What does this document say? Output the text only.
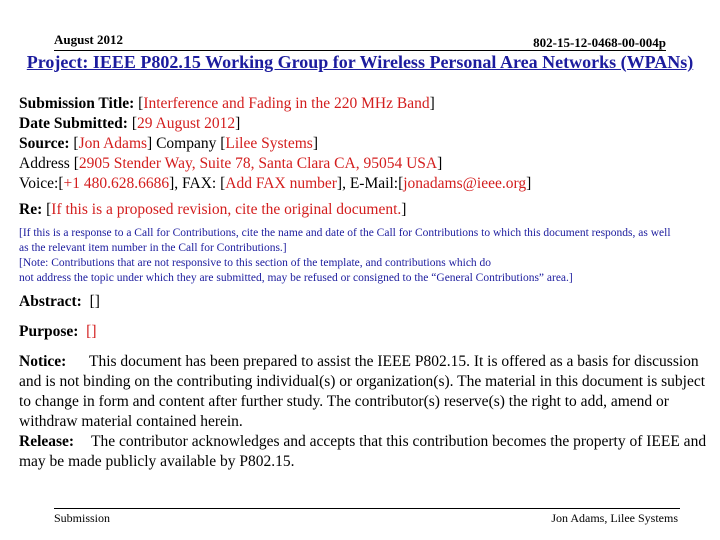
August 2012	802-15-12-0468-00-004p
Project: IEEE P802.15 Working Group for Wireless Personal Area Networks (WPANs)
Submission Title: [Interference and Fading in the 220 MHz Band]
Date Submitted: [29 August 2012]
Source: [Jon Adams] Company [Lilee Systems]
Address [2905 Stender Way, Suite 78, Santa Clara CA, 95054 USA]
Voice:[+1 480.628.6686], FAX: [Add FAX number], E-Mail:[jonadams@ieee.org]
Re: [If this is a proposed revision, cite the original document.]
[If this is a response to a Call for Contributions, cite the name and date of the Call for Contributions to which this document responds, as well
as the relevant item number in the Call for Contributions.]
[Note: Contributions that are not responsive to this section of the template, and contributions which do
not address the topic under which they are submitted, may be refused or consigned to the “General Contributions” area.]
Abstract: []
Purpose: []
Notice: This document has been prepared to assist the IEEE P802.15. It is offered as a basis for discussion and is not binding on the contributing individual(s) or organization(s). The material in this document is subject to change in form and content after further study. The contributor(s) reserve(s) the right to add, amend or withdraw material contained herein.
Release: The contributor acknowledges and accepts that this contribution becomes the property of IEEE and may be made publicly available by P802.15.
Submission	Jon Adams, Lilee Systems
